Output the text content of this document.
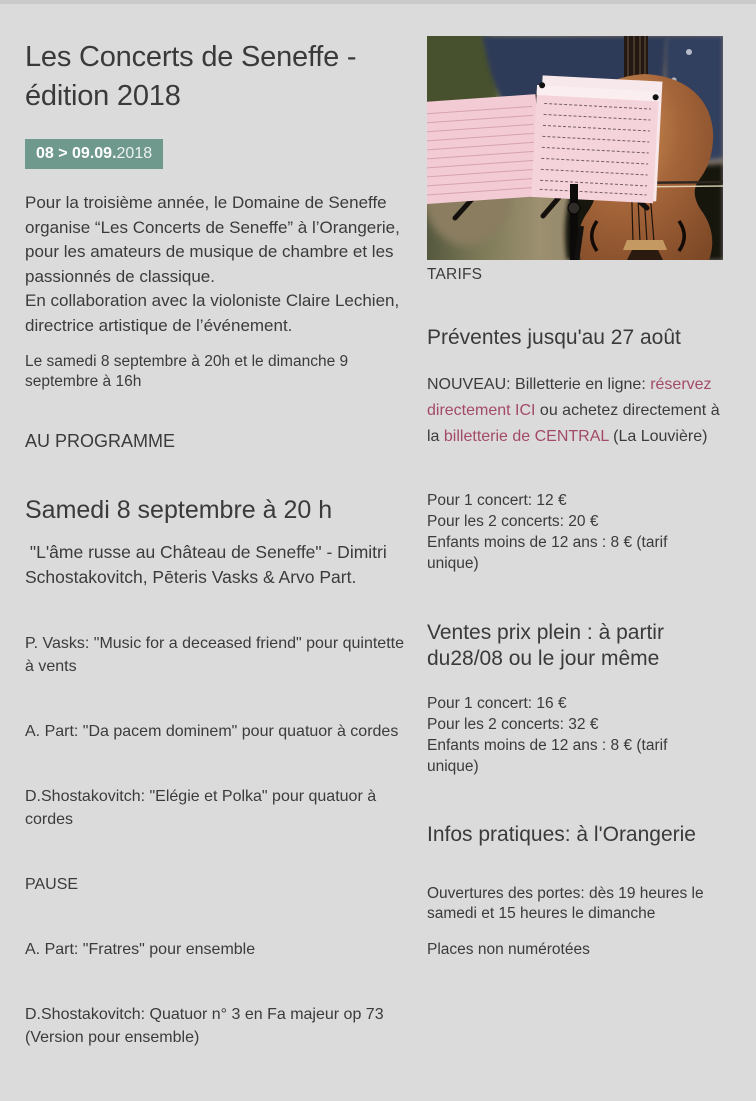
Les Concerts de Seneffe - édition 2018
08 > 09.09.2018

Pour la troisième année, le Domaine de Seneffe organise “Les Concerts de Seneffe” à l’Orangerie, pour les amateurs de musique de chambre et les passionnés de classique.
En collaboration avec la violoniste Claire Lechien, directrice artistique de l’événement.

Le samedi 8 septembre à 20h et le dimanche 9 septembre à 16h

AU PROGRAMME

Samedi 8 septembre à 20 h

"L'âme russe au Château de Seneffe" - Dimitri Schostakovitch, Pēteris Vasks & Arvo Part.

P. Vasks: "Music for a deceased friend" pour quintette à vents

A. Part: "Da pacem dominem" pour quatuor à cordes

D.Shostakovitch: "Elégie et Polka" pour quatuor à cordes

PAUSE

A. Part: "Fratres" pour ensemble

D.Shostakovitch: Quatuor n° 3 en Fa majeur op 73
(Version pour ensemble)

TARIFS
Préventes jusqu'au 27 août

NOUVEAU: Billetterie en ligne: réservez directement ICI ou achetez directement à la billetterie de CENTRAL (La Louvière)

Pour 1 concert: 12 €
Pour les 2 concerts: 20 €
Enfants moins de 12 ans : 8 € (tarif unique)
Ventes prix plein : à partir du28/08 ou le jour même
Pour 1 concert: 16 €
Pour les 2 concerts: 32 €
Enfants moins de 12 ans : 8 € (tarif unique)
Infos pratiques: à l'Orangerie

Ouvertures des portes: dès 19 heures le samedi et 15 heures le dimanche

Places non numérotées
